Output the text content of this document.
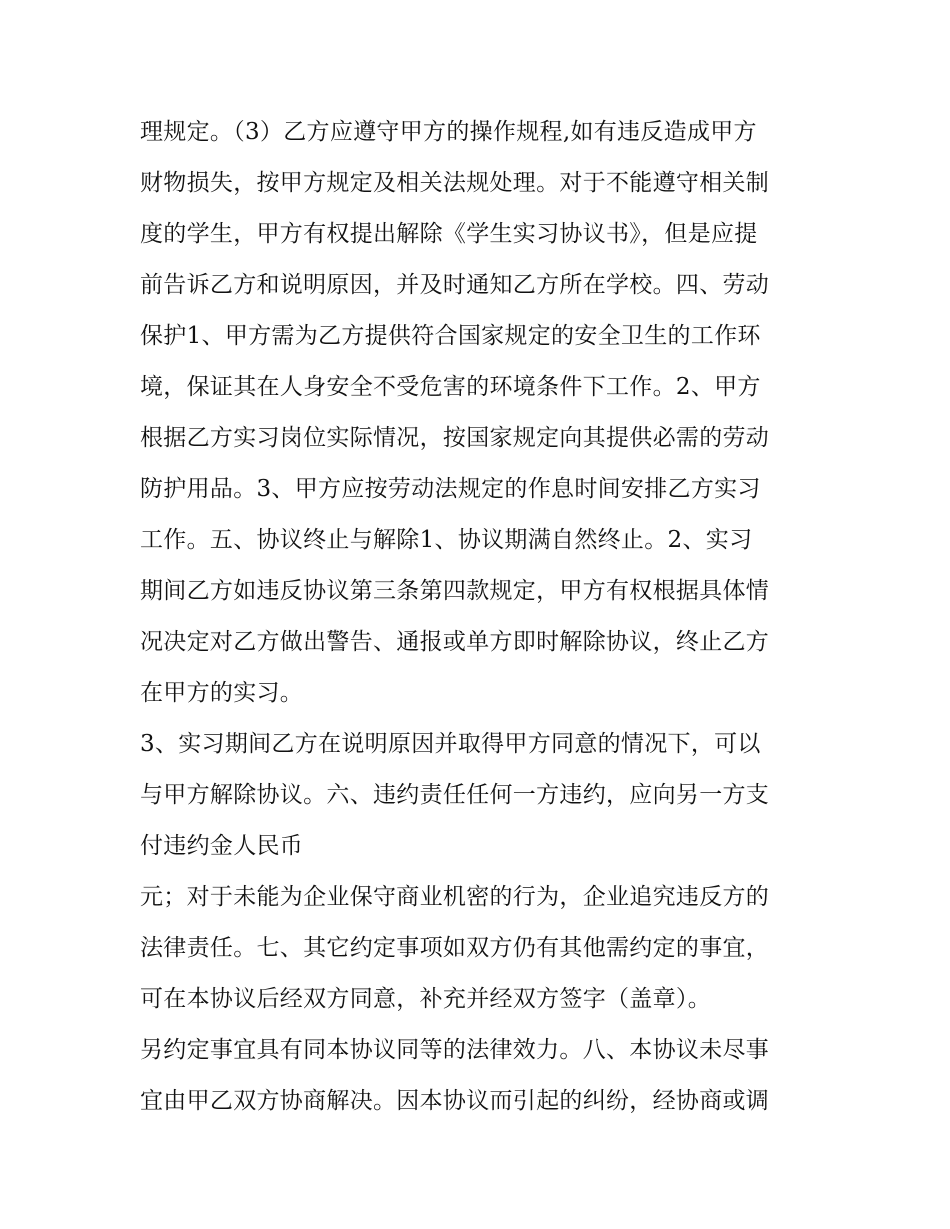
理规定。（3）乙方应遵守甲方的操作规程,如有违反造成甲方
财物损失，按甲方规定及相关法规处理。对于不能遵守相关制
度的学生，甲方有权提出解除《学生实习协议书》，但是应提
前告诉乙方和说明原因，并及时通知乙方所在学校。四、劳动
保护1、甲方需为乙方提供符合国家规定的安全卫生的工作环
境，保证其在人身安全不受危害的环境条件下工作。2、甲方
根据乙方实习岗位实际情况，按国家规定向其提供必需的劳动
防护用品。3、甲方应按劳动法规定的作息时间安排乙方实习
工作。五、协议终止与解除1、协议期满自然终止。2、实习
期间乙方如违反协议第三条第四款规定，甲方有权根据具体情
况决定对乙方做出警告、通报或单方即时解除协议，终止乙方
在甲方的实习。
3、实习期间乙方在说明原因并取得甲方同意的情况下，可以
与甲方解除协议。六、违约责任任何一方违约，应向另一方支
付违约金人民币
元；对于未能为企业保守商业机密的行为，企业追究违反方的
法律责任。七、其它约定事项如双方仍有其他需约定的事宜，
可在本协议后经双方同意，补充并经双方签字（盖章）。
另约定事宜具有同本协议同等的法律效力。八、本协议未尽事
宜由甲乙双方协商解决。因本协议而引起的纠纷，经协商或调
